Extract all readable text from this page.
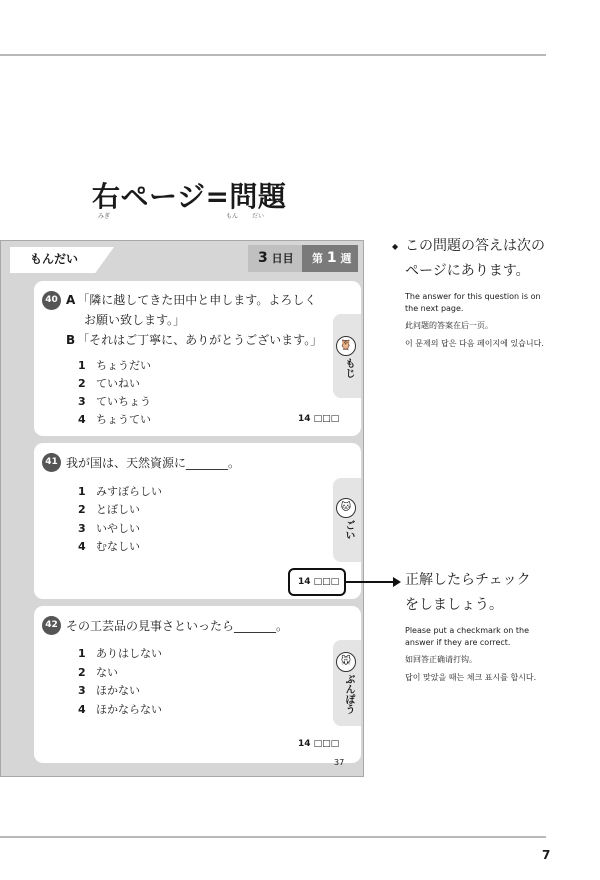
右ページ=問題
みぎ	もん だい
もんだい	3 日目 第 1 週
🦉
もじ
40 A 「隣に越してきた田中と申します。よろしく
お願い致します。」
B 「それはご丁寧に、ありがとうございます。」
1 ちょうだい
2 ていねい
3 ていちょう
4 ちょうてい	14 □□□
🐱
ごい
41 我が国は、天然資源に_______。
1 みすぼらしい
2 とぼしい
3 いやしい
4 むなしい
14 □□□
🐭
ぶんぽう
42 その工芸品の見事さといったら_______。
1 ありはしない
2 ない
3 ほかない
4 ほかならない
14 □□□
37
◆ この問題の答えは次の
ページにあります。
The answer for this question is on the next page.
此问题的答案在后一页。
이 문제의 답은 다음 페이지에 있습니다.
正解したらチェック
をしましょう。
Please put a checkmark on the answer if they are correct.
如回答正确请打钩。
답이 맞았을 때는 체크 표시를 합시다.
7
